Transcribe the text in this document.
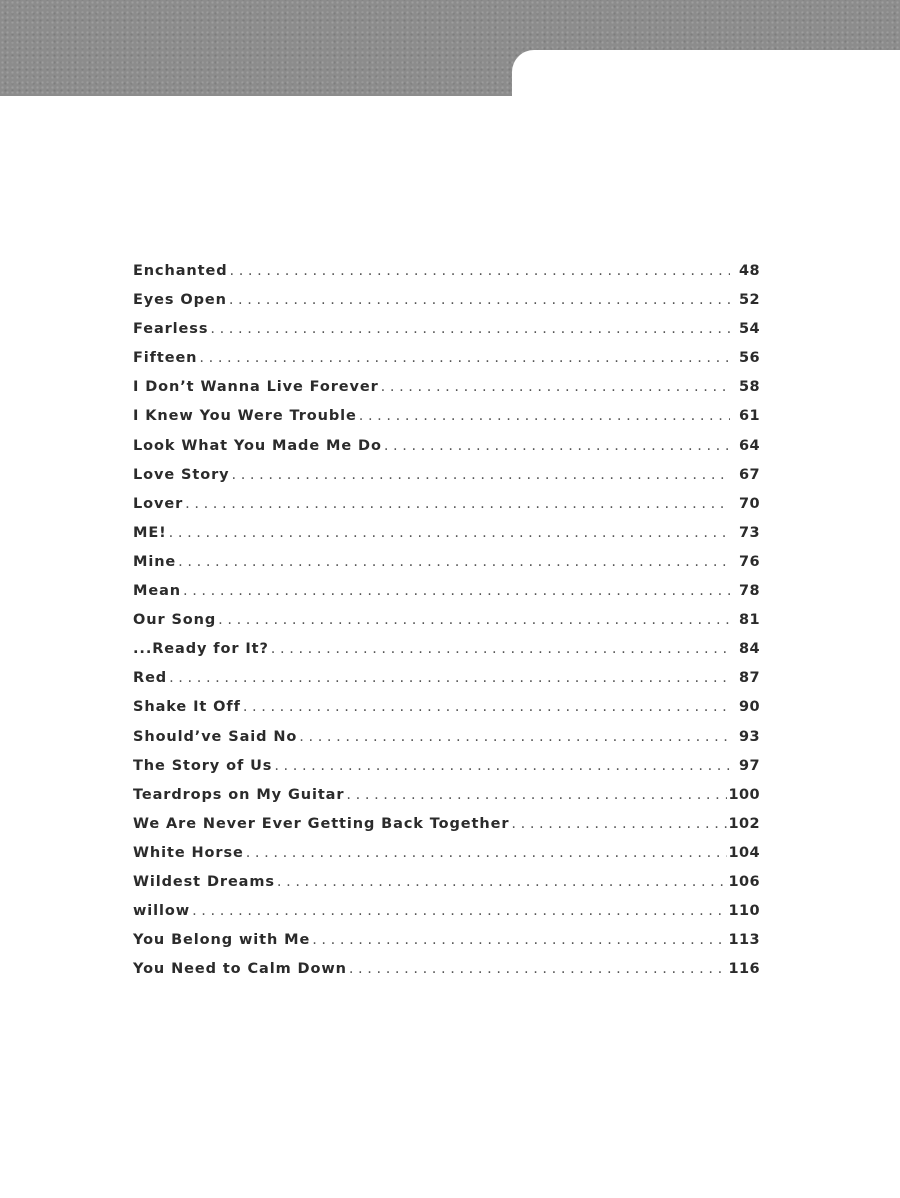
Enchanted . . .	48
Eyes Open . . .	52
Fearless . . .	54
Fifteen . . .	56
I Don’t Wanna Live Forever . . .	58
I Knew You Were Trouble . . .	61
Look What You Made Me Do . . .	64
Love Story . . .	67
Lover . . .	70
ME! . . .	73
Mine . . .	76
Mean . . .	78
Our Song . . .	81
...Ready for It? . . .	84
Red . . .	87
Shake It Off . . .	90
Should’ve Said No . . .	93
The Story of Us . . .	97
Teardrops on My Guitar . . .	100
We Are Never Ever Getting Back Together . . .	102
White Horse . . .	104
Wildest Dreams . . .	106
willow . . .	110
You Belong with Me . . .	113
You Need to Calm Down . . .	116
